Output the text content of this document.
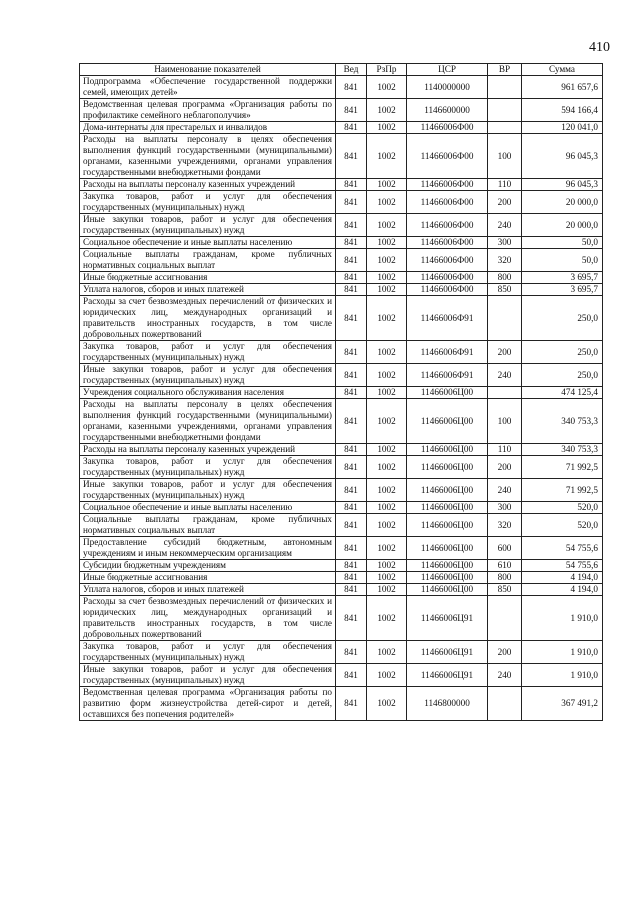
410
Наименование показателей	Вед	РзПр	ЦСР	ВР	Сумма
Подпрограмма «Обеспечение государственной поддержки семей, имеющих детей»	841	1002	1140000000		961 657,6
Ведомственная целевая программа «Организация работы по профилактике семейного неблагополучия»	841	1002	1146600000		594 166,4
Дома-интернаты для престарелых и инвалидов	841	1002	11466006Ф00		120 041,0
Расходы на выплаты персоналу в целях обеспечения выполнения функций государственными (муниципальными) органами, казенными учреждениями, органами управления государственными внебюджетными фондами	841	1002	11466006Ф00	100	96 045,3
Расходы на выплаты персоналу казенных учреждений	841	1002	11466006Ф00	110	96 045,3
Закупка товаров, работ и услуг для обеспечения государственных (муниципальных) нужд	841	1002	11466006Ф00	200	20 000,0
Иные закупки товаров, работ и услуг для обеспечения государственных (муниципальных) нужд	841	1002	11466006Ф00	240	20 000,0
Социальное обеспечение и иные выплаты населению	841	1002	11466006Ф00	300	50,0
Социальные выплаты гражданам, кроме публичных нормативных социальных выплат	841	1002	11466006Ф00	320	50,0
Иные бюджетные ассигнования	841	1002	11466006Ф00	800	3 695,7
Уплата налогов, сборов и иных платежей	841	1002	11466006Ф00	850	3 695,7
Расходы за счет безвозмездных перечислений от физических и юридических лиц, международных организаций и правительств иностранных государств, в том числе добровольных пожертвований	841	1002	11466006Ф91		250,0
Закупка товаров, работ и услуг для обеспечения государственных (муниципальных) нужд	841	1002	11466006Ф91	200	250,0
Иные закупки товаров, работ и услуг для обеспечения государственных (муниципальных) нужд	841	1002	11466006Ф91	240	250,0
Учреждения социального обслуживания населения	841	1002	11466006Ц00		474 125,4
Расходы на выплаты персоналу в целях обеспечения выполнения функций государственными (муниципальными) органами, казенными учреждениями, органами управления государственными внебюджетными фондами	841	1002	11466006Ц00	100	340 753,3
Расходы на выплаты персоналу казенных учреждений	841	1002	11466006Ц00	110	340 753,3
Закупка товаров, работ и услуг для обеспечения государственных (муниципальных) нужд	841	1002	11466006Ц00	200	71 992,5
Иные закупки товаров, работ и услуг для обеспечения государственных (муниципальных) нужд	841	1002	11466006Ц00	240	71 992,5
Социальное обеспечение и иные выплаты населению	841	1002	11466006Ц00	300	520,0
Социальные выплаты гражданам, кроме публичных нормативных социальных выплат	841	1002	11466006Ц00	320	520,0
Предоставление субсидий бюджетным, автономным учреждениям и иным некоммерческим организациям	841	1002	11466006Ц00	600	54 755,6
Субсидии бюджетным учреждениям	841	1002	11466006Ц00	610	54 755,6
Иные бюджетные ассигнования	841	1002	11466006Ц00	800	4 194,0
Уплата налогов, сборов и иных платежей	841	1002	11466006Ц00	850	4 194,0
Расходы за счет безвозмездных перечислений от физических и юридических лиц, международных организаций и правительств иностранных государств, в том числе добровольных пожертвований	841	1002	11466006Ц91		1 910,0
Закупка товаров, работ и услуг для обеспечения государственных (муниципальных) нужд	841	1002	11466006Ц91	200	1 910,0
Иные закупки товаров, работ и услуг для обеспечения государственных (муниципальных) нужд	841	1002	11466006Ц91	240	1 910,0
Ведомственная целевая программа «Организация работы по развитию форм жизнеустройства детей-сирот и детей, оставшихся без попечения родителей»	841	1002	1146800000		367 491,2
